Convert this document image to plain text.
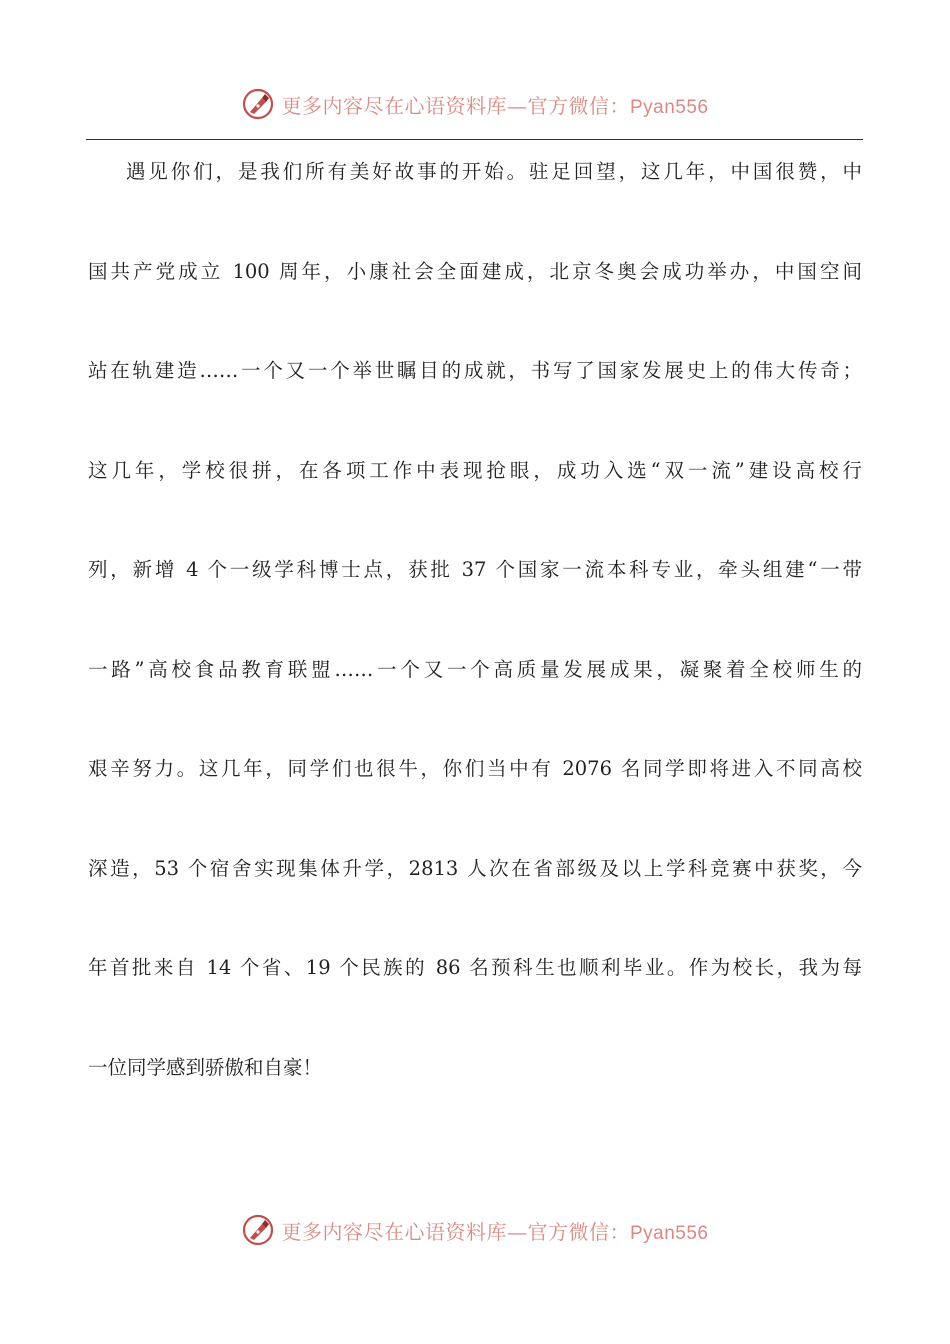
更多内容尽在心语资料库—官方微信：Pyan556
遇见你们，是我们所有美好故事的开始。驻足回望，这几年，中国很赞，中
国共产党成立 100 周年，小康社会全面建成，北京冬奥会成功举办，中国空间
站在轨建造……一个又一个举世瞩目的成就，书写了国家发展史上的伟大传奇；
这几年，学校很拼，在各项工作中表现抢眼，成功入选“双一流”建设高校行
列，新增 4 个一级学科博士点，获批 37 个国家一流本科专业，牵头组建“一带
一路”高校食品教育联盟……一个又一个高质量发展成果，凝聚着全校师生的
艰辛努力。这几年，同学们也很牛，你们当中有 2076 名同学即将进入不同高校
深造，53 个宿舍实现集体升学，2813 人次在省部级及以上学科竞赛中获奖，今
年首批来自 14 个省、19 个民族的 86 名预科生也顺利毕业。作为校长，我为每
一位同学感到骄傲和自豪！
更多内容尽在心语资料库—官方微信：Pyan556
